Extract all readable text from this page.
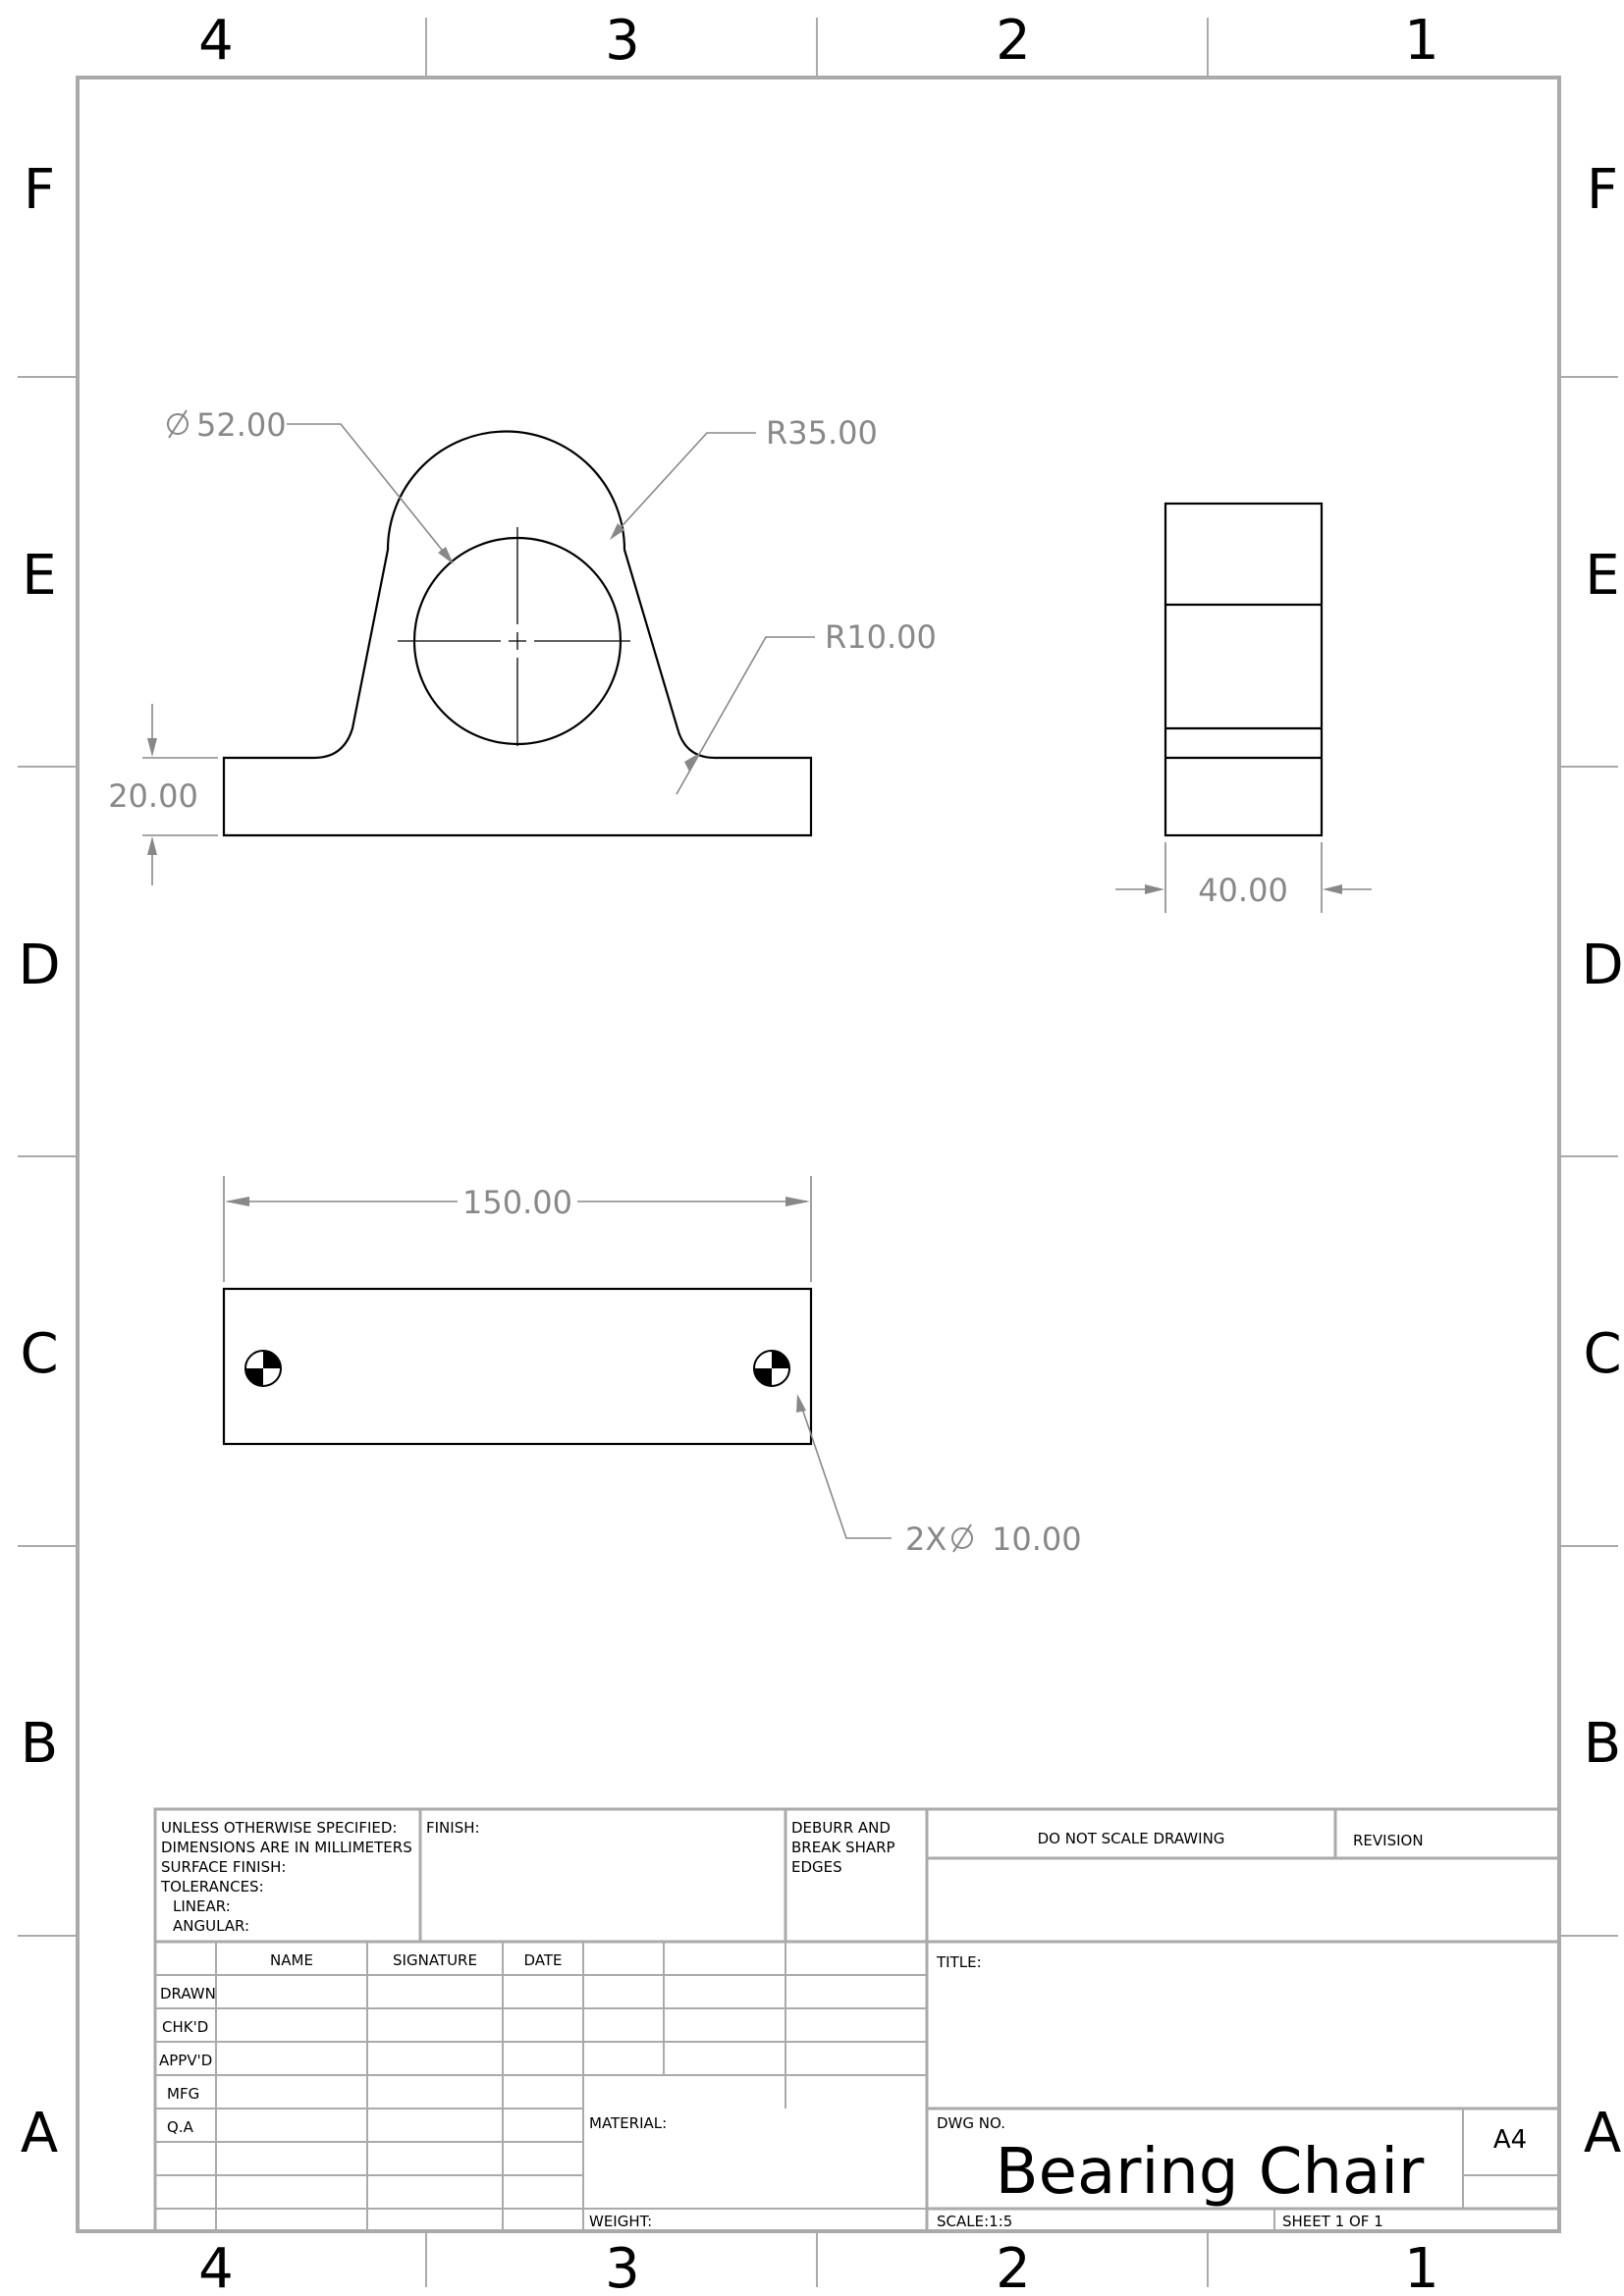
4	3	2	1
4	3	2	1
F
E
D
C
B
A
F
E
D
C
B
A
52.00	R35.00
R10.00
20.00
40.00
150.00
2X 10.00
UNLESS OTHERWISE SPECIFIED:
DIMENSIONS ARE IN MILLIMETERS
SURFACE FINISH:
TOLERANCES:
LINEAR:
ANGULAR:
FINISH:	DEBURR AND
BREAK SHARP
EDGES
DO NOT SCALE DRAWING	REVISION
NAME	SIGNATURE	DATE
DRAWN
CHK'D
APPV'D
MFG
Q.A
TITLE:
MATERIAL:
WEIGHT:
DWG NO.
Bearing Chair	A4
SCALE:1:5	SHEET 1 OF 1
